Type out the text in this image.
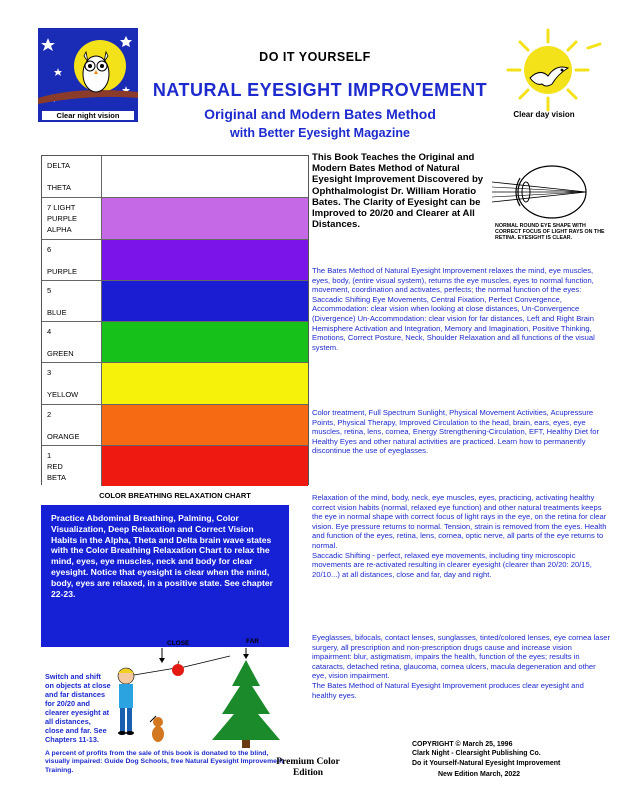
Clear night vision
DO IT YOURSELF
NATURAL EYESIGHT IMPROVEMENT
Original and Modern Bates Method
with Better Eyesight Magazine
Clear day vision
DELTA

THETA
7 LIGHT
PURPLE
ALPHA
6

PURPLE
5

BLUE
4

GREEN
3

YELLOW
2

ORANGE
1
RED
BETA
COLOR BREATHING RELAXATION CHART
Practice Abdominal Breathing, Palming, Color Visualization, Deep Relaxation and Correct Vision Habits in the Alpha, Theta and Delta brain wave states with the Color Breathing Relaxation Chart to relax the mind, eyes, eye muscles, neck and body for clear eyesight. Notice that eyesight is clear when the mind, body, eyes are relaxed, in a positive state. See chapter 22-23.
CLOSE	FAR
Switch and shift on objects at close and far distances for 20/20 and clearer eyesight at all distances, close and far. See Chapters 11-13.
A percent of profits from the sale of this book is donated to the blind, visually impaired: Guide Dog Schools, free Natural Eyesight Improvement Training.
Premium Color
Edition
This Book Teaches the Original and Modern Bates Method of Natural Eyesight Improvement Discovered by Ophthalmologist Dr. William Horatio Bates. The Clarity of Eyesight can be Improved to 20/20 and Clearer at All Distances.	NORMAL ROUND EYE SHAPE WITH CORRECT FOCUS OF LIGHT RAYS ON THE RETINA. EYESIGHT IS CLEAR.
The Bates Method of Natural Eyesight Improvement relaxes the mind, eye muscles, eyes, body, (entire visual system), returns the eye muscles, eyes to normal function, movement, coordination and activates, perfects; the normal function of the eyes: Saccadic Shifting Eye Movements, Central Fixation, Perfect Convergence, Accommodation: clear vision when looking at close distances, Un-Convergence (Divergence) Un-Accommodation: clear vision for far distances, Left and Right Brain Hemisphere Activation and Integration, Memory and Imagination, Positive Thinking, Emotions, Correct Posture, Neck, Shoulder Relaxation and all functions of the visual system.
Color treatment, Full Spectrum Sunlight, Physical Movement Activities, Acupressure Points, Physical Therapy, Improved Circulation to the head, brain, ears, eyes, eye muscles, retina, lens, cornea, Energy Strengthening-Circulation, EFT, Healthy Diet for Healthy Eyes and other natural activities are practiced. Learn how to permanently discontinue the use of eyeglasses.
Relaxation of the mind, body, neck, eye muscles, eyes, practicing, activating healthy correct vision habits (normal, relaxed eye function) and other natural treatments keeps the eye in normal shape with correct focus of light rays in the eye, on the retina for clear vision. Eye pressure returns to normal. Tension, strain is removed from the eyes. Health and function of the eyes, retina, lens, cornea, optic nerve, all parts of the eye returns to normal.
Saccadic Shifting - perfect, relaxed eye movements, including tiny microscopic movements are re-activated resulting in clearer eyesight (clearer than 20/20: 20/15, 20/10...) at all distances, close and far, day and night.
Eyeglasses, bifocals, contact lenses, sunglasses, tinted/colored lenses, eye cornea laser surgery, all prescription and non-prescription drugs cause and increase vision impairment: blur, astigmatism, impairs the health, function of the eyes; results in cataracts, detached retina, glaucoma, cornea ulcers, macula degeneration and other eye, vision impairment.
The Bates Method of Natural Eyesight Improvement produces clear eyesight and healthy eyes.
COPYRIGHT © March 25, 1996
Clark Night - Clearsight Publishing Co.
Do it Yourself-Natural Eyesight Improvement
New Edition March, 2022
